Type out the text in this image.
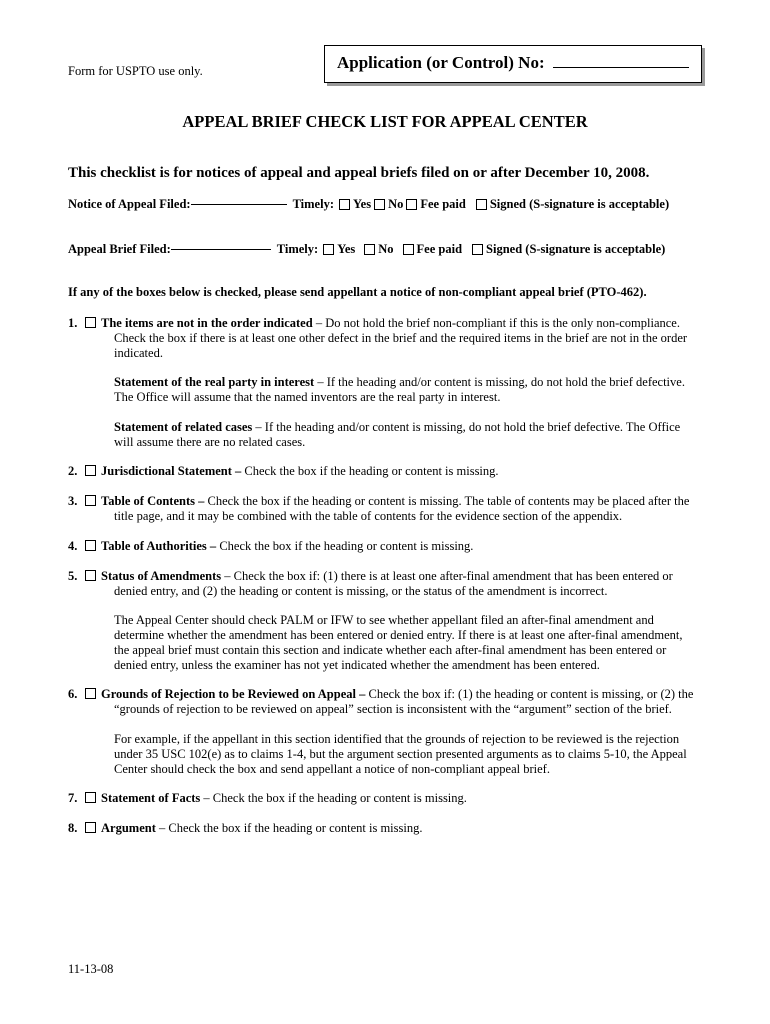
Form for USPTO use only.	Application (or Control) No:
APPEAL BRIEF CHECK LIST FOR APPEAL CENTER
This checklist is for notices of appeal and appeal briefs filed on or after December 10, 2008.
Notice of Appeal Filed:	Timely: Yes No Fee paid Signed (S-signature is acceptable)
Appeal Brief Filed:	Timely: Yes No Fee paid Signed (S-signature is acceptable)
If any of the boxes below is checked, please send appellant a notice of non-compliant appeal brief (PTO-462).
1. The items are not in the order indicated – Do not hold the brief non-compliant if this is the only non-compliance.
Check the box if there is at least one other defect in the brief and the required items in the brief are not in the order
indicated.
Statement of the real party in interest – If the heading and/or content is missing, do not hold the brief defective.
The Office will assume that the named inventors are the real party in interest.
Statement of related cases – If the heading and/or content is missing, do not hold the brief defective. The Office
will assume there are no related cases.
2. Jurisdictional Statement – Check the box if the heading or content is missing.
3. Table of Contents – Check the box if the heading or content is missing. The table of contents may be placed after the
title page, and it may be combined with the table of contents for the evidence section of the appendix.
4. Table of Authorities – Check the box if the heading or content is missing.
5. Status of Amendments – Check the box if: (1) there is at least one after-final amendment that has been entered or
denied entry, and (2) the heading or content is missing, or the status of the amendment is incorrect.
The Appeal Center should check PALM or IFW to see whether appellant filed an after-final amendment and
determine whether the amendment has been entered or denied entry. If there is at least one after-final amendment,
the appeal brief must contain this section and indicate whether each after-final amendment has been entered or
denied entry, unless the examiner has not yet indicated whether the amendment has been entered.
6. Grounds of Rejection to be Reviewed on Appeal – Check the box if: (1) the heading or content is missing, or (2) the
“grounds of rejection to be reviewed on appeal” section is inconsistent with the “argument” section of the brief.
For example, if the appellant in this section identified that the grounds of rejection to be reviewed is the rejection
under 35 USC 102(e) as to claims 1-4, but the argument section presented arguments as to claims 5-10, the Appeal
Center should check the box and send appellant a notice of non-compliant appeal brief.
7. Statement of Facts – Check the box if the heading or content is missing.
8. Argument – Check the box if the heading or content is missing.
11-13-08
